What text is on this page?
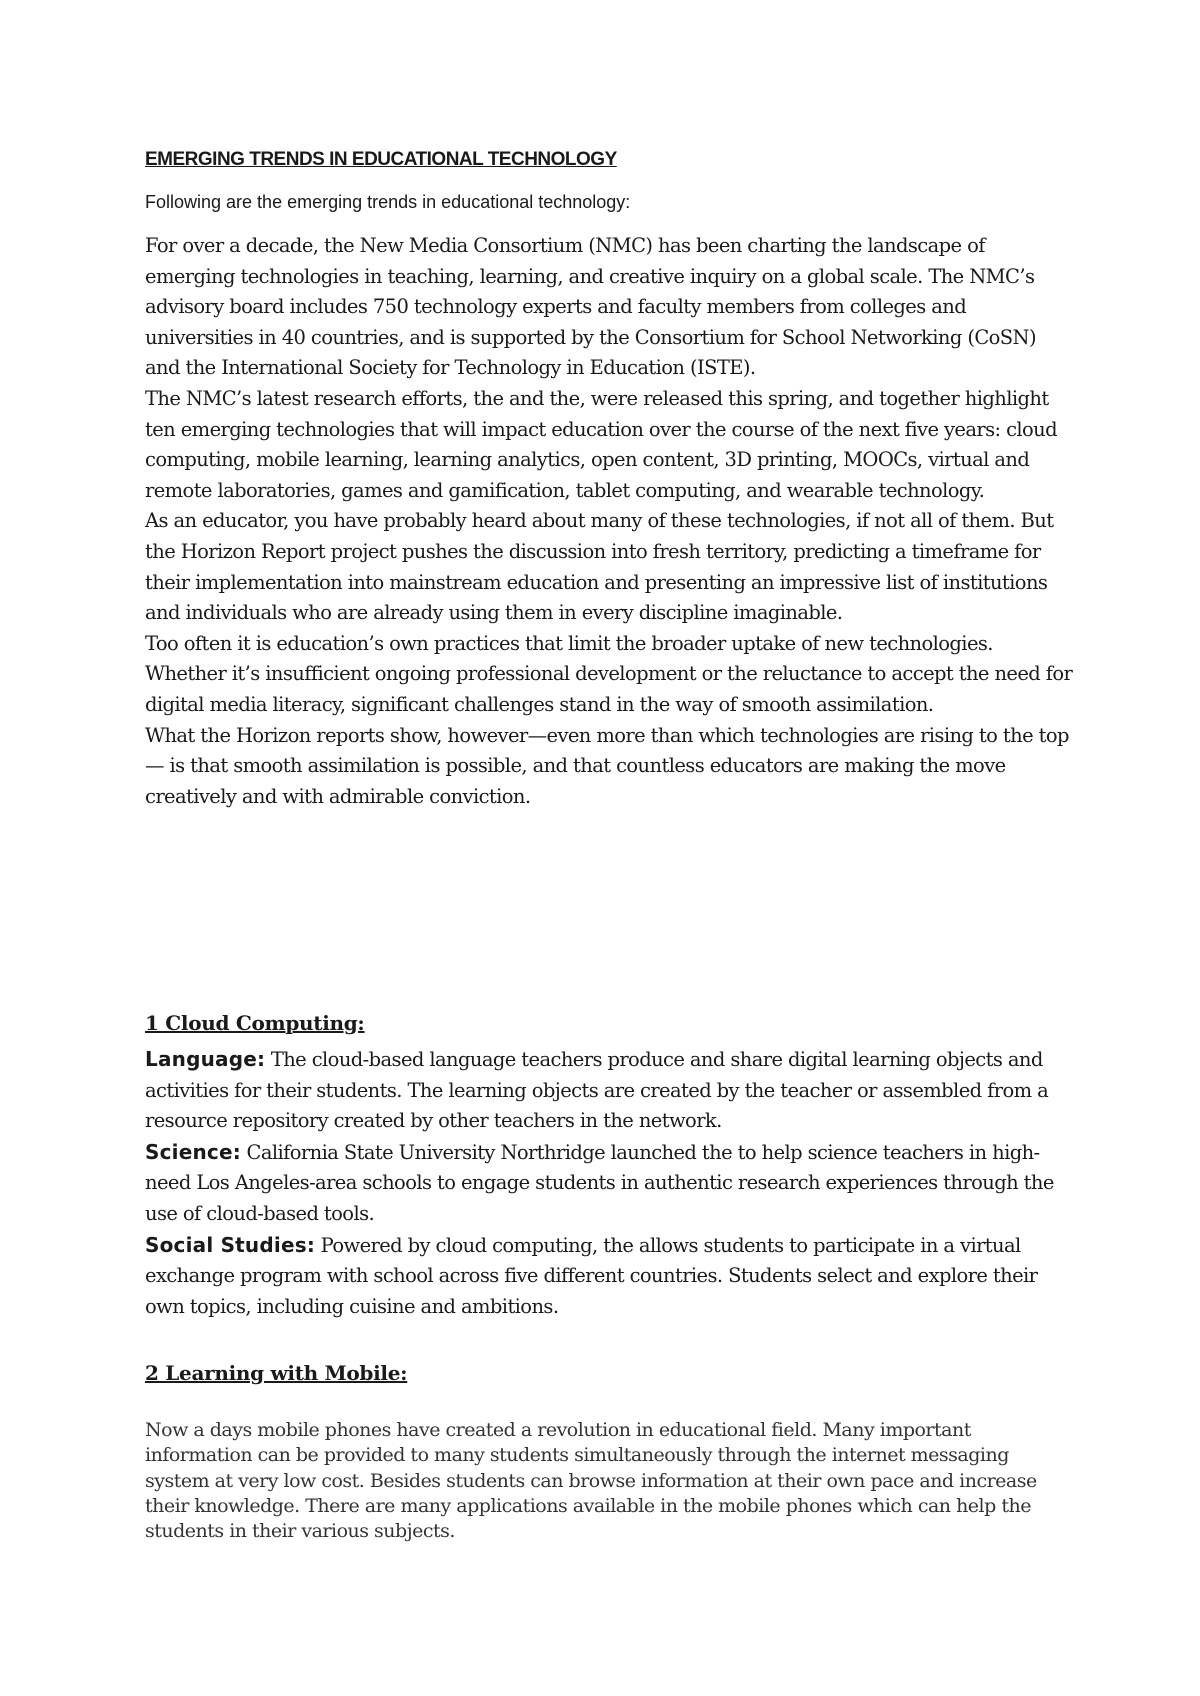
EMERGING TRENDS IN EDUCATIONAL TECHNOLOGY

Following are the emerging trends in educational technology:

For over a decade, the New Media Consortium (NMC) has been charting the landscape of emerging technologies in teaching, learning, and creative inquiry on a global scale. The NMC’s advisory board includes 750 technology experts and faculty members from colleges and universities in 40 countries, and is supported by the Consortium for School Networking (CoSN) and the International Society for Technology in Education (ISTE).

The NMC’s latest research efforts, the and the, were released this spring, and together highlight ten emerging technologies that will impact education over the course of the next five years: cloud computing, mobile learning, learning analytics, open content, 3D printing, MOOCs, virtual and remote laboratories, games and gamification, tablet computing, and wearable technology.

As an educator, you have probably heard about many of these technologies, if not all of them. But the Horizon Report project pushes the discussion into fresh territory, predicting a timeframe for their implementation into mainstream education and presenting an impressive list of institutions and individuals who are already using them in every discipline imaginable.

Too often it is education’s own practices that limit the broader uptake of new technologies. Whether it’s insufficient ongoing professional development or the reluctance to accept the need for digital media literacy, significant challenges stand in the way of smooth assimilation.

What the Horizon reports show, however—even more than which technologies are rising to the top— is that smooth assimilation is possible, and that countless educators are making the move creatively and with admirable conviction.

1 Cloud Computing:

Language: The cloud-based language teachers produce and share digital learning objects and activities for their students. The learning objects are created by the teacher or assembled from a resource repository created by other teachers in the network.

Science: California State University Northridge launched the to help science teachers in high-need Los Angeles-area schools to engage students in authentic research experiences through the use of cloud-based tools.

Social Studies: Powered by cloud computing, the allows students to participate in a virtual exchange program with school across five different countries. Students select and explore their own topics, including cuisine and ambitions.

2 Learning with Mobile:

Now a days mobile phones have created a revolution in educational field. Many important information can be provided to many students simultaneously through the internet messaging system at very low cost. Besides students can browse information at their own pace and increase their knowledge. There are many applications available in the mobile phones which can help the students in their various subjects.
